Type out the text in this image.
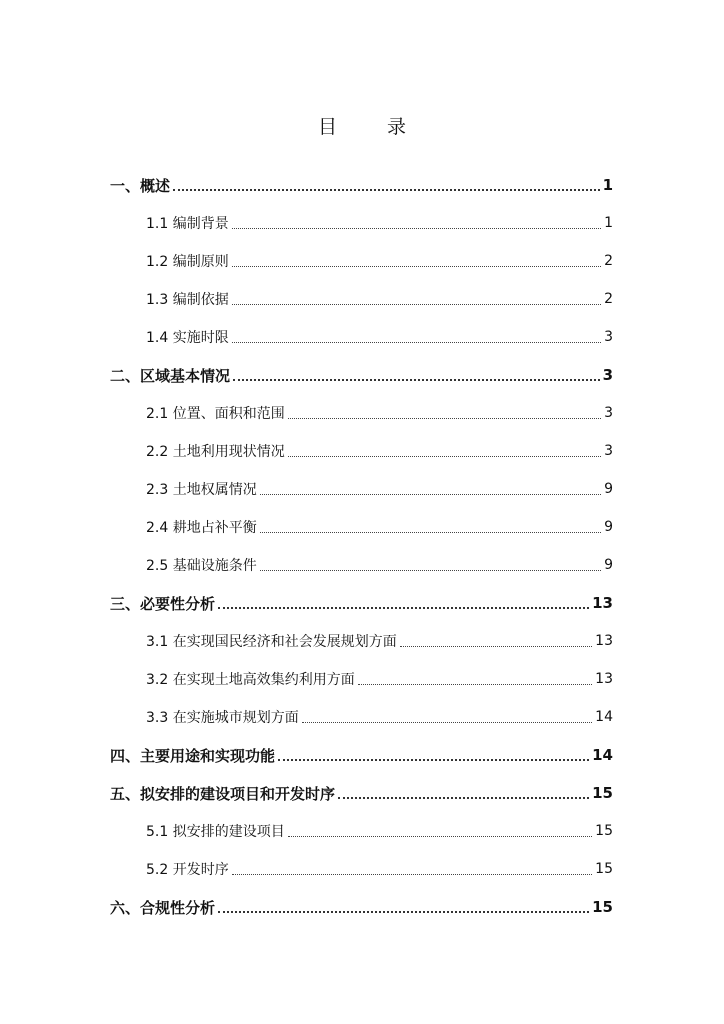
目 录
一、概述	1
1.1 编制背景	1
1.2 编制原则	2
1.3 编制依据	2
1.4 实施时限	3
二、区域基本情况	3
2.1 位置、面积和范围	3
2.2 土地利用现状情况	3
2.3 土地权属情况	9
2.4 耕地占补平衡	9
2.5 基础设施条件	9
三、必要性分析	13
3.1 在实现国民经济和社会发展规划方面	13
3.2 在实现土地高效集约利用方面	13
3.3 在实施城市规划方面	14
四、主要用途和实现功能	14
五、拟安排的建设项目和开发时序	15
5.1 拟安排的建设项目	15
5.2 开发时序	15
六、合规性分析	15
